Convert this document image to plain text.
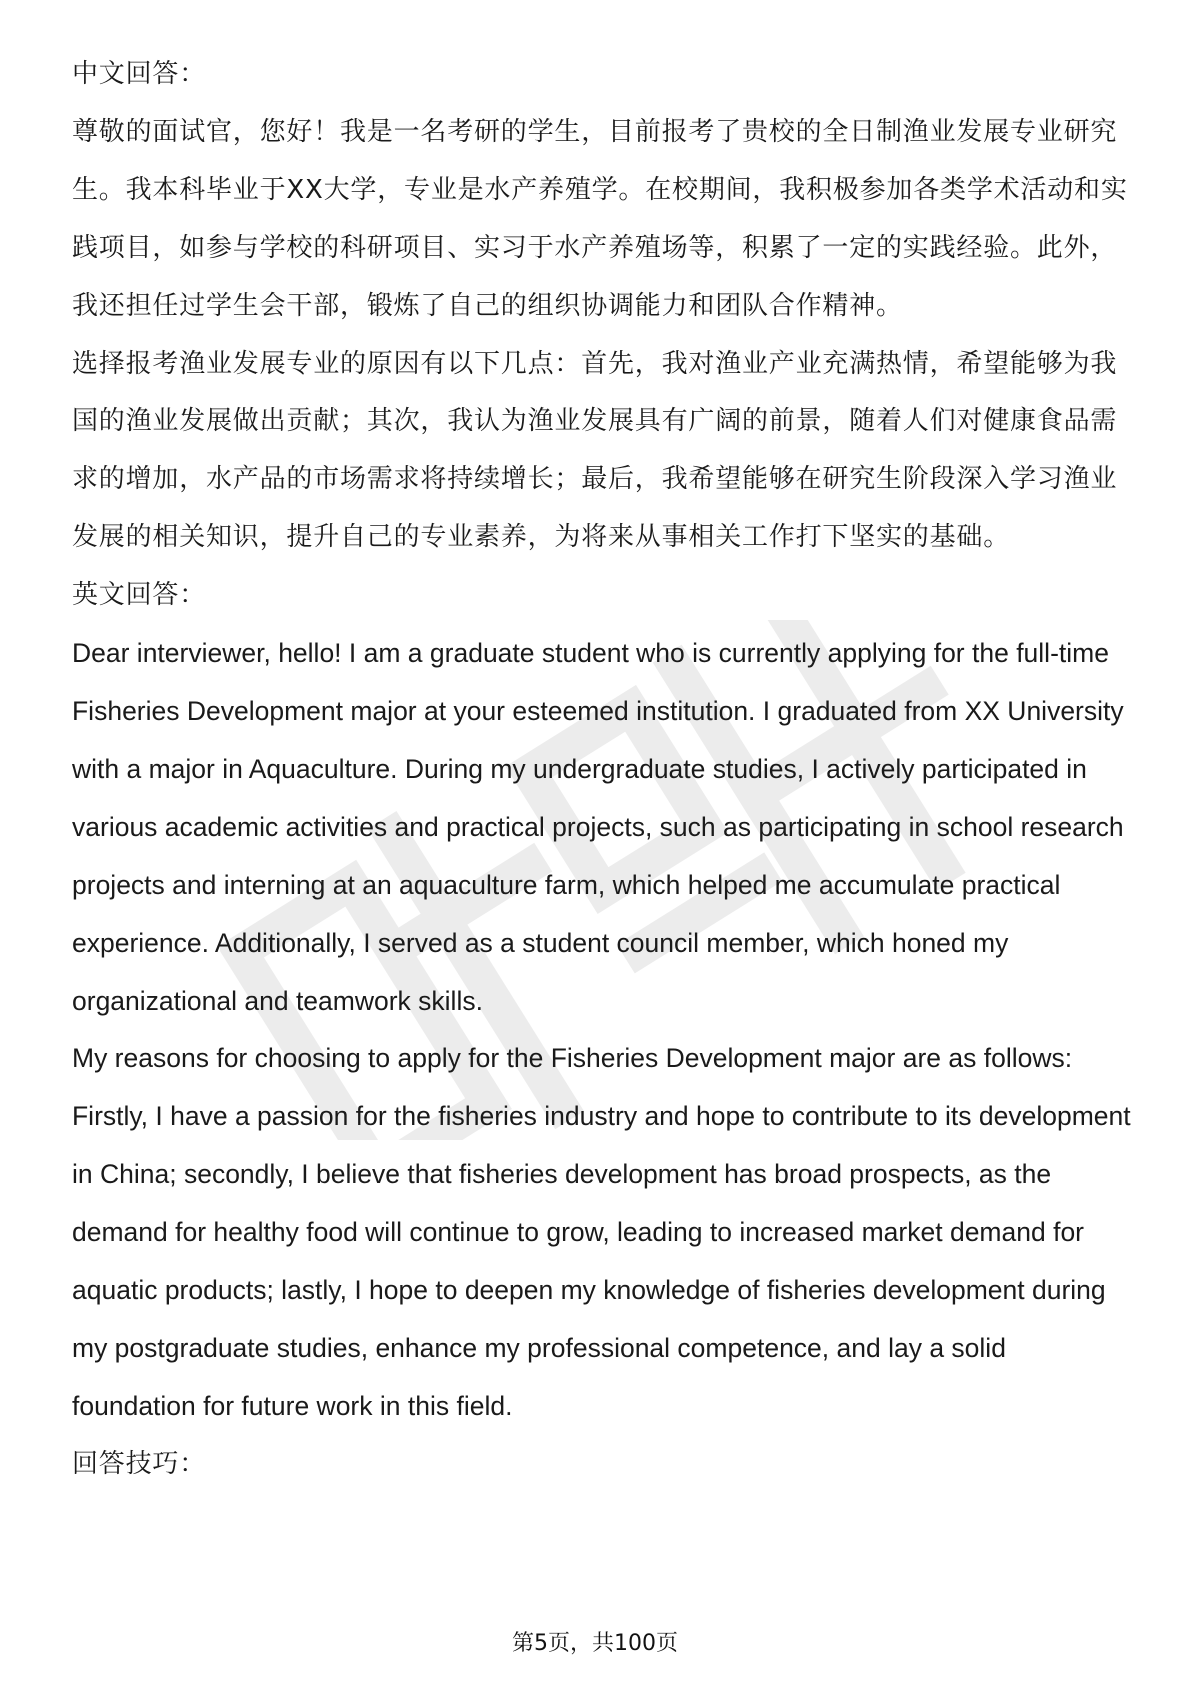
中文回答：

尊敬的面试官，您好！我是一名考研的学生，目前报考了贵校的全日制渔业发展专业研究生。我本科毕业于XX大学，专业是水产养殖学。在校期间，我积极参加各类学术活动和实践项目，如参与学校的科研项目、实习于水产养殖场等，积累了一定的实践经验。此外，我还担任过学生会干部，锻炼了自己的组织协调能力和团队合作精神。

选择报考渔业发展专业的原因有以下几点：首先，我对渔业产业充满热情，希望能够为我国的渔业发展做出贡献；其次，我认为渔业发展具有广阔的前景，随着人们对健康食品需求的增加，水产品的市场需求将持续增长；最后，我希望能够在研究生阶段深入学习渔业发展的相关知识，提升自己的专业素养，为将来从事相关工作打下坚实的基础。

英文回答：

Dear interviewer, hello! I am a graduate student who is currently applying for the full-time Fisheries Development major at your esteemed institution. I graduated from XX University with a major in Aquaculture. During my undergraduate studies, I actively participated in various academic activities and practical projects, such as participating in school research projects and interning at an aquaculture farm, which helped me accumulate practical experience. Additionally, I served as a student council member, which honed my organizational and teamwork skills.

My reasons for choosing to apply for the Fisheries Development major are as follows: Firstly, I have a passion for the fisheries industry and hope to contribute to its development in China; secondly, I believe that fisheries development has broad prospects, as the demand for healthy food will continue to grow, leading to increased market demand for aquatic products; lastly, I hope to deepen my knowledge of fisheries development during my postgraduate studies, enhance my professional competence, and lay a solid foundation for future work in this field.

回答技巧：

第5页，共100页
